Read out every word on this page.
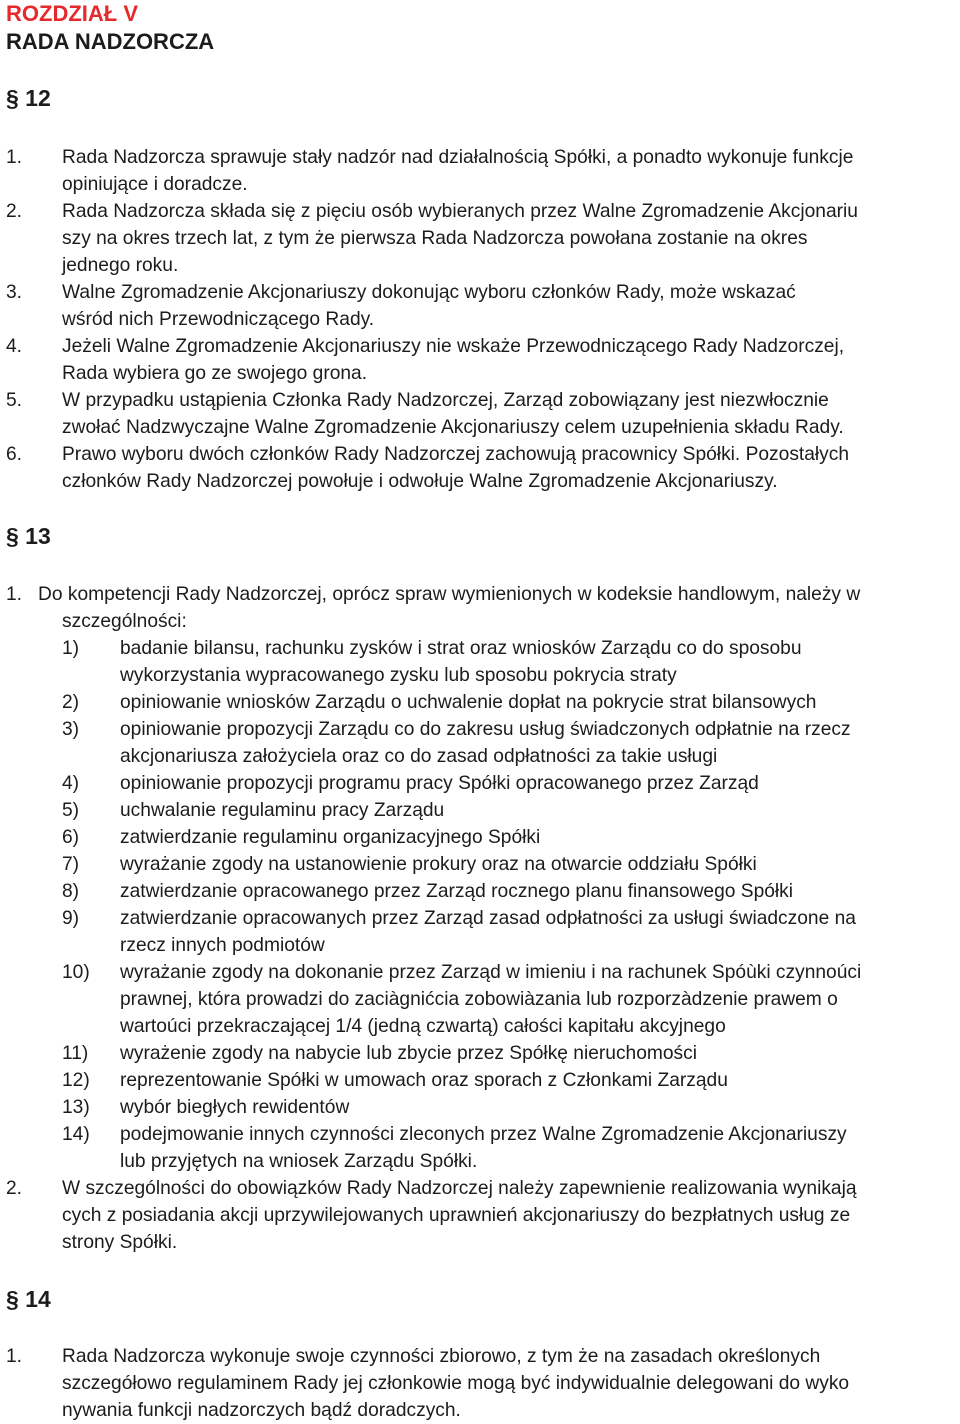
ROZDZIAŁ V
RADA NADZORCZA
§ 12
1. Rada Nadzorcza sprawuje stały nadzór nad działalnością Spółki, a ponadto wykonuje funkcje
opiniujące i doradcze.
2. Rada Nadzorcza składa się z pięciu osób wybieranych przez Walne Zgromadzenie Akcjonariu
szy na okres trzech lat, z tym że pierwsza Rada Nadzorcza powołana zostanie na okres
jednego roku.
3. Walne Zgromadzenie Akcjonariuszy dokonując wyboru członków Rady, może wskazać
wśród nich Przewodniczącego Rady.
4. Jeżeli Walne Zgromadzenie Akcjonariuszy nie wskaże Przewodniczącego Rady Nadzorczej,
Rada wybiera go ze swojego grona.
5. W przypadku ustąpienia Członka Rady Nadzorczej, Zarząd zobowiązany jest niezwłocznie
zwołać Nadzwyczajne Walne Zgromadzenie Akcjonariuszy celem uzupełnienia składu Rady.
6. Prawo wyboru dwóch członków Rady Nadzorczej zachowują pracownicy Spółki. Pozostałych
członków Rady Nadzorczej powołuje i odwołuje Walne Zgromadzenie Akcjonariuszy.
§ 13
1. Do kompetencji Rady Nadzorczej, oprócz spraw wymienionych w kodeksie handlowym, należy w
szczególności:
1) badanie bilansu, rachunku zysków i strat oraz wniosków Zarządu co do sposobu
wykorzystania wypracowanego zysku lub sposobu pokrycia straty
2) opiniowanie wniosków Zarządu o uchwalenie dopłat na pokrycie strat bilansowych
3) opiniowanie propozycji Zarządu co do zakresu usług świadczonych odpłatnie na rzecz
akcjonariusza założyciela oraz co do zasad odpłatności za takie usługi
4) opiniowanie propozycji programu pracy Spółki opracowanego przez Zarząd
5) uchwalanie regulaminu pracy Zarządu
6) zatwierdzanie regulaminu organizacyjnego Spółki
7) wyrażanie zgody na ustanowienie prokury oraz na otwarcie oddziału Spółki
8) zatwierdzanie opracowanego przez Zarząd rocznego planu finansowego Spółki
9) zatwierdzanie opracowanych przez Zarząd zasad odpłatności za usługi świadczone na
rzecz innych podmiotów
10) wyrażanie zgody na dokonanie przez Zarząd w imieniu i na rachunek Spóùki czynnoúci
prawnej, która prowadzi do zaciàgnićcia zobowiàzania lub rozporzàdzenie prawem o
wartoúci przekraczającej 1/4 (jedną czwartą) całości kapitału akcyjnego
11) wyrażenie zgody na nabycie lub zbycie przez Spółkę nieruchomości
12) reprezentowanie Spółki w umowach oraz sporach z Członkami Zarządu
13) wybór biegłych rewidentów
14) podejmowanie innych czynności zleconych przez Walne Zgromadzenie Akcjonariuszy
lub przyjętych na wniosek Zarządu Spółki.
2. W szczególności do obowiązków Rady Nadzorczej należy zapewnienie realizowania wynikają
cych z posiadania akcji uprzywilejowanych uprawnień akcjonariuszy do bezpłatnych usług ze
strony Spółki.
§ 14
1. Rada Nadzorcza wykonuje swoje czynności zbiorowo, z tym że na zasadach określonych
szczegółowo regulaminem Rady jej członkowie mogą być indywidualnie delegowani do wyko
nywania funkcji nadzorczych bądź doradczych.
